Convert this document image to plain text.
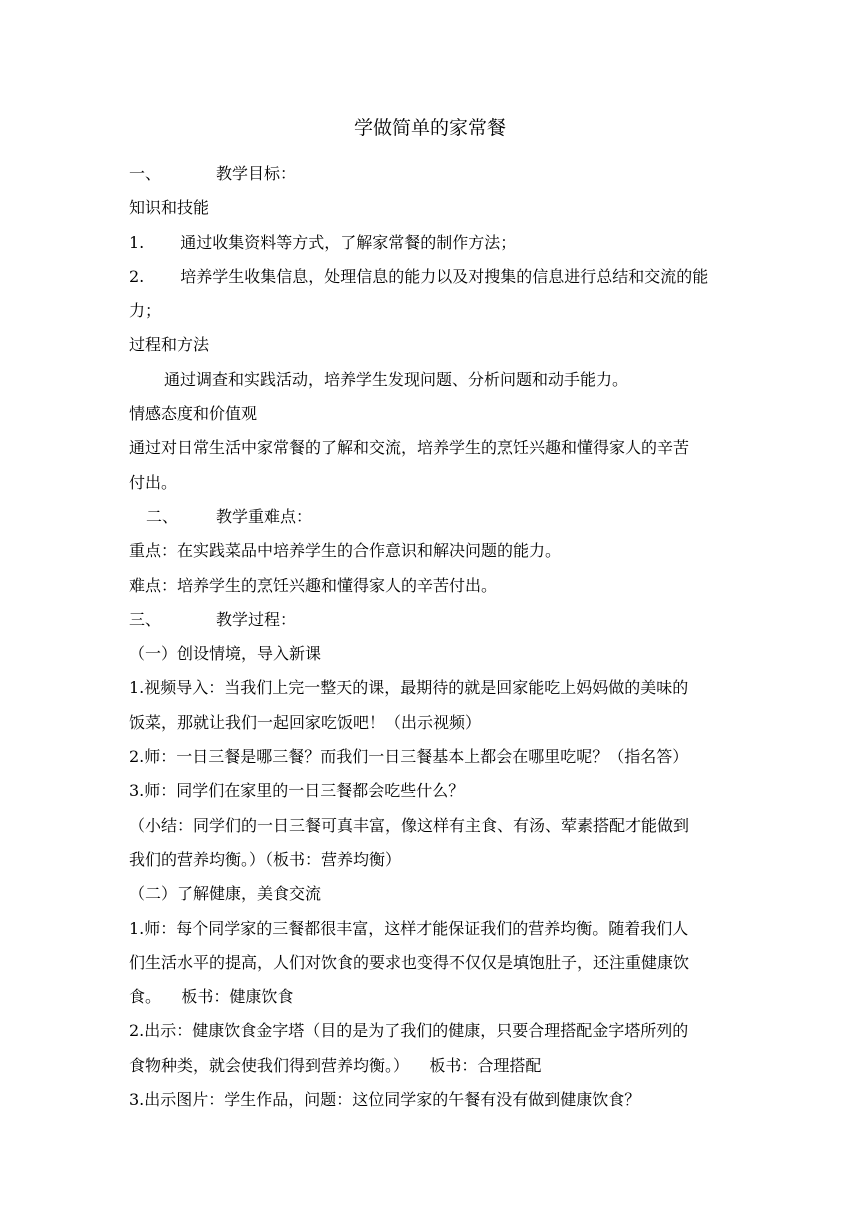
学做简单的家常餐
一、	教学目标：
知识和技能
1. 通过收集资料等方式，了解家常餐的制作方法；
2. 培养学生收集信息，处理信息的能力以及对搜集的信息进行总结和交流的能
力；
过程和方法
通过调查和实践活动，培养学生发现问题、分析问题和动手能力。
情感态度和价值观
通过对日常生活中家常餐的了解和交流，培养学生的烹饪兴趣和懂得家人的辛苦
付出。
二、 教学重难点：
重点：在实践菜品中培养学生的合作意识和解决问题的能力。
难点：培养学生的烹饪兴趣和懂得家人的辛苦付出。
三、	教学过程：
（一）创设情境，导入新课
1.视频导入：当我们上完一整天的课，最期待的就是回家能吃上妈妈做的美味的
饭菜，那就让我们一起回家吃饭吧！（出示视频）
2.师：一日三餐是哪三餐？而我们一日三餐基本上都会在哪里吃呢？（指名答）
3.师：同学们在家里的一日三餐都会吃些什么？
（小结：同学们的一日三餐可真丰富，像这样有主食、有汤、荤素搭配才能做到
我们的营养均衡。）（板书：营养均衡）
（二）了解健康，美食交流
1.师：每个同学家的三餐都很丰富，这样才能保证我们的营养均衡。随着我们人
们生活水平的提高，人们对饮食的要求也变得不仅仅是填饱肚子，还注重健康饮
食。    板书：健康饮食
2.出示：健康饮食金字塔（目的是为了我们的健康，只要合理搭配金字塔所列的
食物种类，就会使我们得到营养均衡。）    板书：合理搭配
3.出示图片：学生作品，问题：这位同学家的午餐有没有做到健康饮食？
